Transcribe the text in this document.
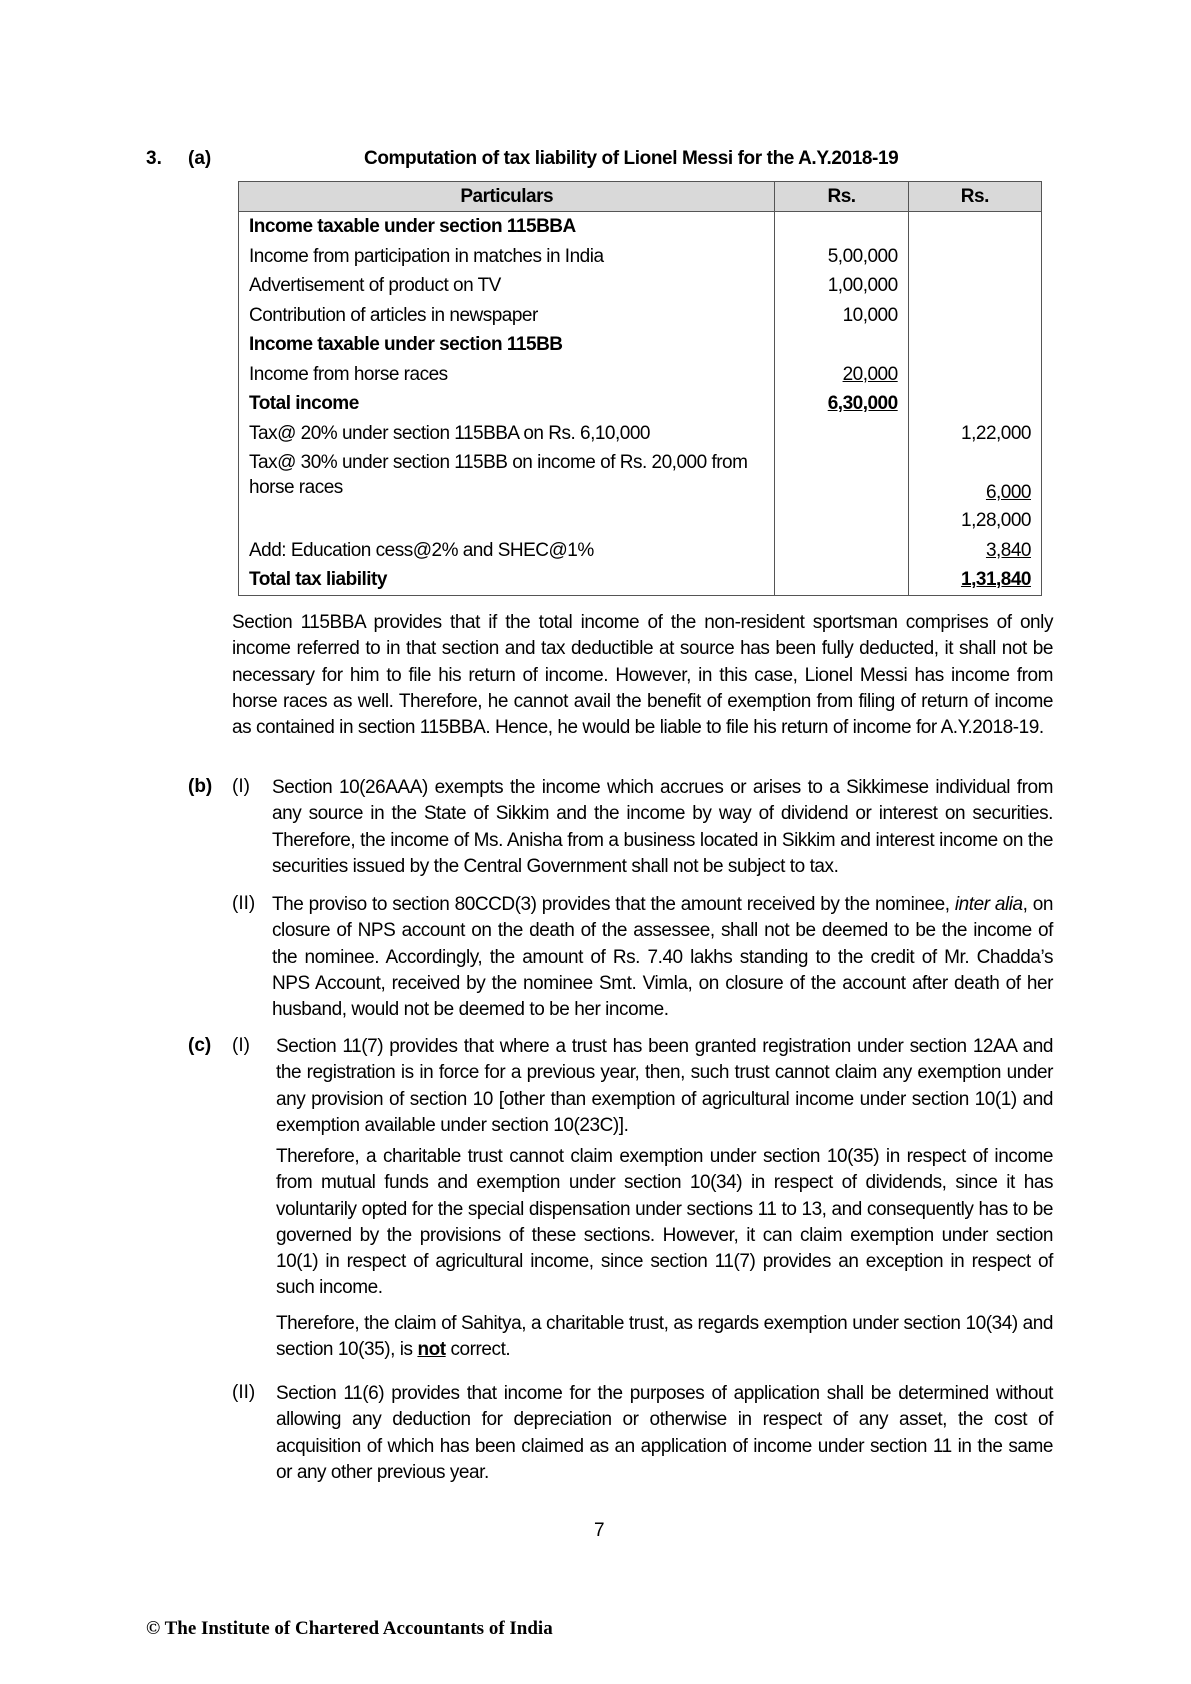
3. (a)	Computation of tax liability of Lionel Messi for the A.Y.2018-19
Particulars	Rs.	Rs.
Income taxable under section 115BBA		
Income from participation in matches in India	5,00,000	
Advertisement of product on TV	1,00,000	
Contribution of articles in newspaper	10,000	
Income taxable under section 115BB		
Income from horse races	20,000	
Total income	6,30,000	
Tax@ 20% under section 115BBA on Rs. 6,10,000		1,22,000
Tax@ 30% under section 115BB on income of Rs. 20,000 from horse races		6,000
		1,28,000
Add: Education cess@2% and SHEC@1%		3,840
Total tax liability		1,31,840
Section 115BBA provides that if the total income of the non-resident sportsman comprises of only income referred to in that section and tax deductible at source has been fully deducted, it shall not be necessary for him to file his return of income. However, in this case, Lionel Messi has income from horse races as well. Therefore, he cannot avail the benefit of exemption from filing of return of income as contained in section 115BBA. Hence, he would be liable to file his return of income for A.Y.2018-19.
(b) (I) Section 10(26AAA) exempts the income which accrues or arises to a Sikkimese individual from any source in the State of Sikkim and the income by way of dividend or interest on securities. Therefore, the income of Ms. Anisha from a business located in Sikkim and interest income on the securities issued by the Central Government shall not be subject to tax.
(II) The proviso to section 80CCD(3) provides that the amount received by the nominee, inter alia, on closure of NPS account on the death of the assessee, shall not be deemed to be the income of the nominee. Accordingly, the amount of Rs. 7.40 lakhs standing to the credit of Mr. Chadda’s NPS Account, received by the nominee Smt. Vimla, on closure of the account after death of her husband, would not be deemed to be her income.
(c) (I) Section 11(7) provides that where a trust has been granted registration under section 12AA and the registration is in force for a previous year, then, such trust cannot claim any exemption under any provision of section 10 [other than exemption of agricultural income under section 10(1) and exemption available under section 10(23C)].
Therefore, a charitable trust cannot claim exemption under section 10(35) in respect of income from mutual funds and exemption under section 10(34) in respect of dividends, since it has voluntarily opted for the special dispensation under sections 11 to 13, and consequently has to be governed by the provisions of these sections. However, it can claim exemption under section 10(1) in respect of agricultural income, since section 11(7) provides an exception in respect of such income.
Therefore, the claim of Sahitya, a charitable trust, as regards exemption under section 10(34) and section 10(35), is not correct.
(II) Section 11(6) provides that income for the purposes of application shall be determined without allowing any deduction for depreciation or otherwise in respect of any asset, the cost of acquisition of which has been claimed as an application of income under section 11 in the same or any other previous year.
7
© The Institute of Chartered Accountants of India
